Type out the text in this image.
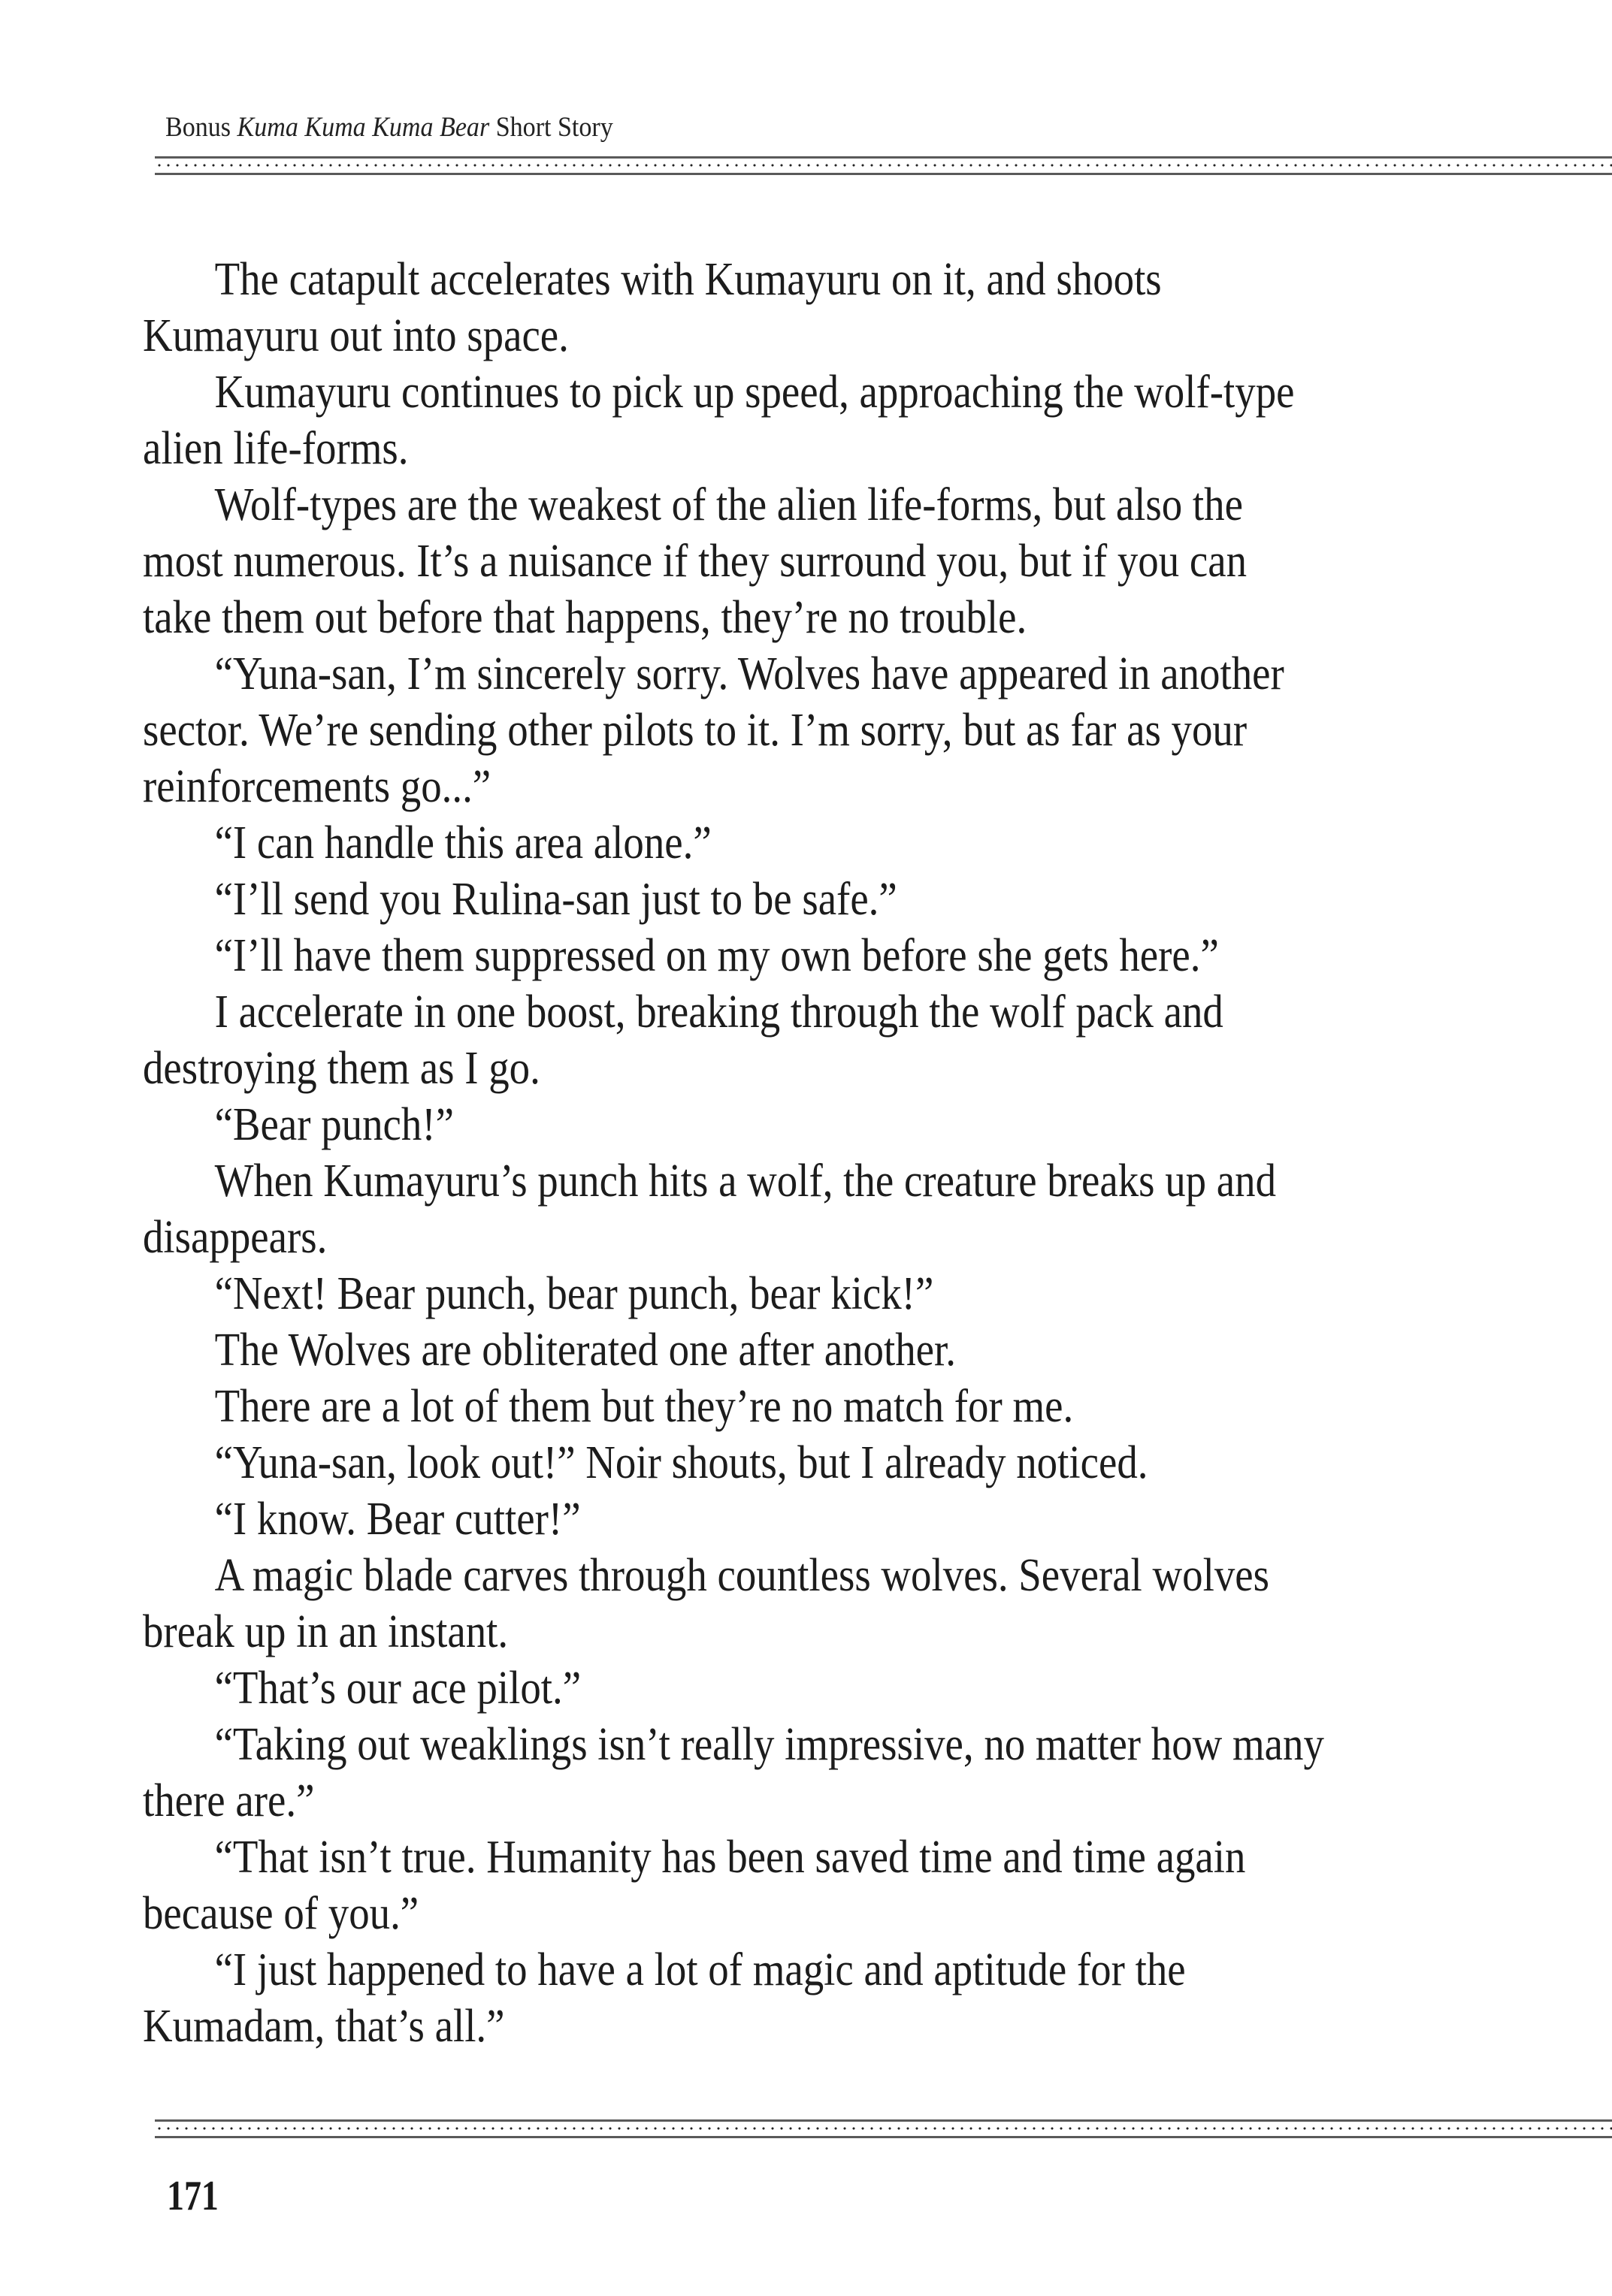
Bonus Kuma Kuma Kuma Bear Short Story
The catapult accelerates with Kumayuru on it, and shoots
Kumayuru out into space.
Kumayuru continues to pick up speed, approaching the wolf-type
alien life-forms.
Wolf-types are the weakest of the alien life-forms, but also the
most numerous. It’s a nuisance if they surround you, but if you can
take them out before that happens, they’re no trouble.
“Yuna-san, I’m sincerely sorry. Wolves have appeared in another
sector. We’re sending other pilots to it. I’m sorry, but as far as your
reinforcements go...”
“I can handle this area alone.”
“I’ll send you Rulina-san just to be safe.”
“I’ll have them suppressed on my own before she gets here.”
I accelerate in one boost, breaking through the wolf pack and
destroying them as I go.
“Bear punch!”
When Kumayuru’s punch hits a wolf, the creature breaks up and
disappears.
“Next! Bear punch, bear punch, bear kick!”
The Wolves are obliterated one after another.
There are a lot of them but they’re no match for me.
“Yuna-san, look out!” Noir shouts, but I already noticed.
“I know. Bear cutter!”
A magic blade carves through countless wolves. Several wolves
break up in an instant.
“That’s our ace pilot.”
“Taking out weaklings isn’t really impressive, no matter how many
there are.”
“That isn’t true. Humanity has been saved time and time again
because of you.”
“I just happened to have a lot of magic and aptitude for the
Kumadam, that’s all.”
171
